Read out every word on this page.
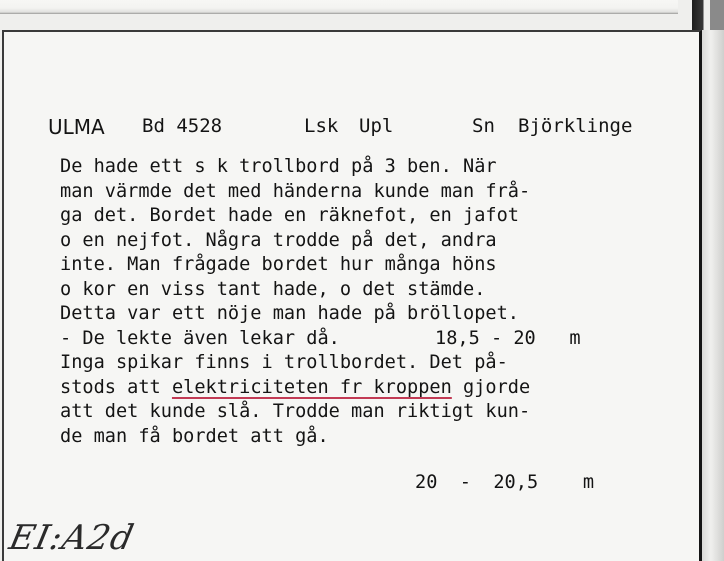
ULMA Bd 4528	Lsk Upl	Sn Björklinge
De hade ett s k trollbord på 3 ben. När
man värmde det med händerna kunde man frå-
ga det. Bordet hade en räknefot, en jafot
o en nejfot. Några trodde på det, andra
inte. Man frågade bordet hur många höns
o kor en viss tant hade, o det stämde.
Detta var ett nöje man hade på bröllopet.
- De lekte även lekar då.	18,5 - 20   m
Inga spikar finns i trollbordet. Det på-
stods att elektriciteten fr kroppen gjorde
att det kunde slå. Trodde man riktigt kun-
de man få bordet att gå.
20  -  20,5    m
EI:A2d
